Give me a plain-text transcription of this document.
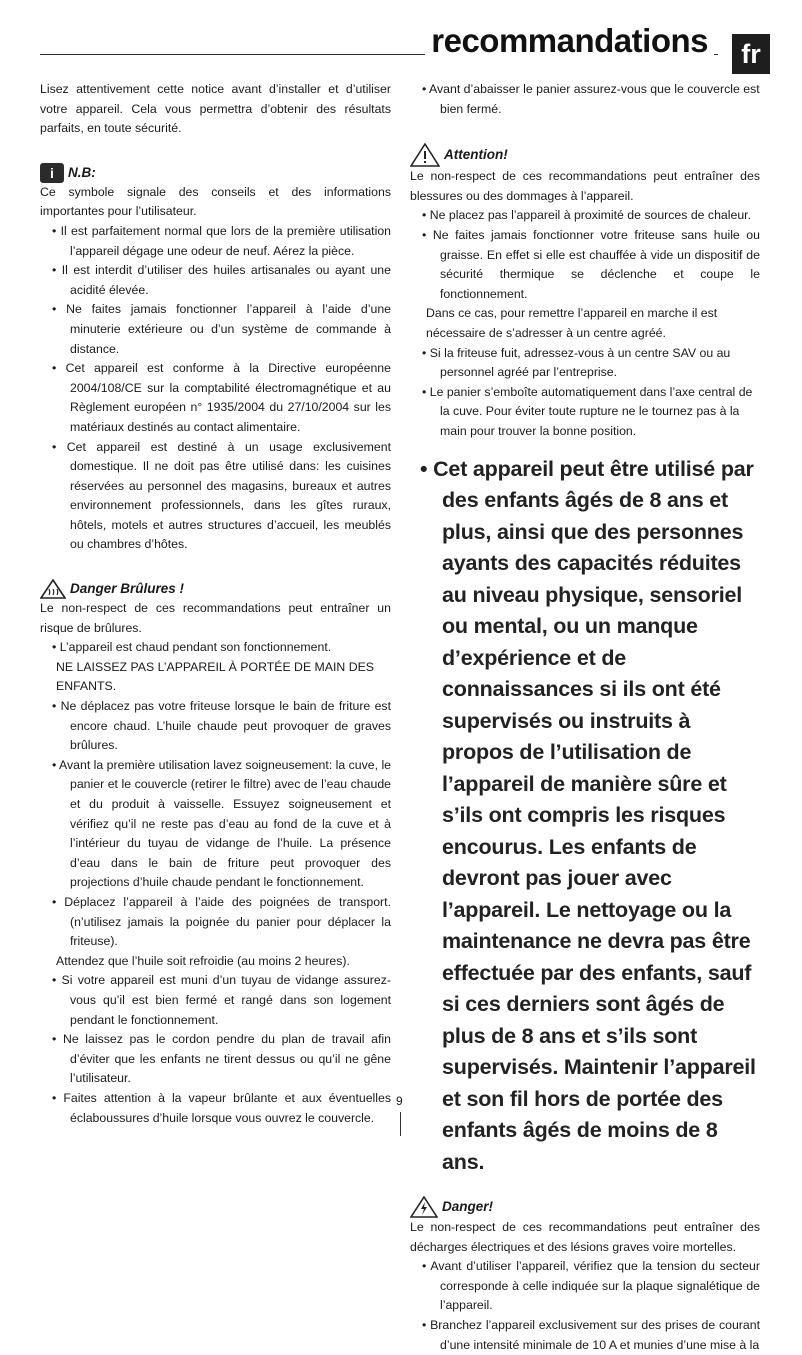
recommandations	fr

Lisez attentivement cette notice avant d’installer et d’utiliser votre appareil. Cela vous permettra d’obtenir des résultats parfaits, en toute sécurité.

i	N.B:

Ce symbole signale des conseils et des informations importantes pour l’utilisateur.

• Il est parfaitement normal que lors de la première utilisation l’appareil dégage une odeur de neuf. Aérez la pièce.

• Il est interdit d’utiliser des huiles artisanales ou ayant une acidité élevée.

• Ne faites jamais fonctionner l’appareil à l’aide d’une minuterie extérieure ou d’un système de commande à distance.

• Cet appareil est conforme à la Directive européenne 2004/108/CE sur la comptabilité électromagnétique et au Règlement européen n° 1935/2004 du 27/10/2004 sur les matériaux destinés au contact alimentaire.

• Cet appareil est destiné à un usage exclusivement domestique. Il ne doit pas être utilisé dans: les cuisines réservées au personnel des magasins, bureaux et autres environnement professionnels, dans les gîtes ruraux, hôtels, motels et autres structures d’accueil, les meublés ou chambres d’hôtes.

Danger Brûlures !

Le non-respect de ces recommandations peut entraîner un risque de brûlures.

• L’appareil est chaud pendant son fonctionnement.

NE LAISSEZ PAS L’APPAREIL À PORTÉE DE MAIN DES ENFANTS.

• Ne déplacez pas votre friteuse lorsque le bain de friture est encore chaud. L’huile chaude peut provoquer de graves brûlures.

• Avant la première utilisation lavez soigneusement: la cuve, le panier et le couvercle (retirer le filtre) avec de l’eau chaude et du produit à vaisselle. Essuyez soigneusement et vérifiez qu’il ne reste pas d’eau au fond de la cuve et à l’intérieur du tuyau de vidange de l’huile. La présence d’eau dans le bain de friture peut provoquer des projections d’huile chaude pendant le fonctionnement.

• Déplacez l’appareil à l’aide des poignées de transport. (n’utilisez jamais la poignée du panier pour déplacer la friteuse).

Attendez que l’huile soit refroidie (au moins 2 heures).

• Si votre appareil est muni d’un tuyau de vidange assurez-vous qu’il est bien fermé et rangé dans son logement pendant le fonctionnement.

• Ne laissez pas le cordon pendre du plan de travail afin d’éviter que les enfants ne tirent dessus ou qu’il ne gêne l’utilisateur.

• Faites attention à la vapeur brûlante et aux éventuelles éclaboussures d’huile lorsque vous ouvrez le couvercle.

• Avant d’abaisser le panier assurez-vous que le couvercle est bien fermé.

Attention!

Le non-respect de ces recommandations peut entraîner des blessures ou des dommages à l’appareil.

• Ne placez pas l’appareil à proximité de sources de chaleur.

• Ne faites jamais fonctionner votre friteuse sans huile ou graisse. En effet si elle est chauffée à vide un dispositif de sécurité thermique se déclenche et coupe le fonctionnement.

Dans ce cas, pour remettre l’appareil en marche il est nécessaire de s’adresser à un centre agréé.

• Si la friteuse fuit, adressez-vous à un centre SAV ou au personnel agréé par l’entreprise.

• Le panier s’emboîte automatiquement dans l’axe central de la cuve. Pour éviter toute rupture ne le tournez pas à la main pour trouver la bonne position.

• Cet appareil peut être utilisé par des enfants âgés de 8 ans et plus, ainsi que des personnes ayants des capacités réduites au niveau physique, sensoriel ou mental, ou un manque d’expérience et de connaissances si ils ont été supervisés ou instruits à propos de l’utilisation de l’appareil de manière sûre et s’ils ont compris les risques encourus. Les enfants de devront pas jouer avec l’appareil. Le nettoyage ou la maintenance ne devra pas être effectuée par des enfants, sauf si ces derniers sont âgés de plus de 8 ans et s’ils sont supervisés. Maintenir l’appareil et son fil hors de portée des enfants âgés de moins de 8 ans.

Danger!

Le non-respect de ces recommandations peut entraîner des décharges électriques et des lésions graves voire mortelles.

• Avant d’utiliser l’appareil, vérifiez que la tension du secteur corresponde à celle indiquée sur la plaque signalétique de l’appareil.

• Branchez l’appareil exclusivement sur des prises de courant d’une intensité minimale de 10 A et munies d’une mise à la

9
